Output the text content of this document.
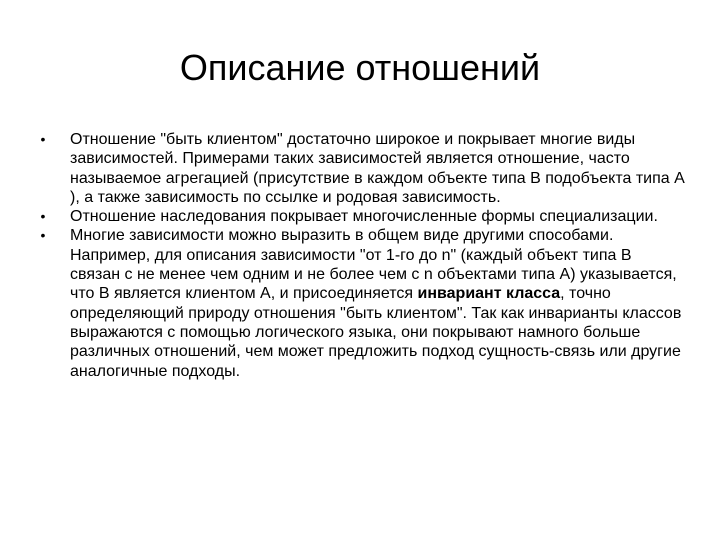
Описание отношений
• Отношение "быть клиентом" достаточно широкое и покрывает многие виды зависимостей. Примерами таких зависимостей является отношение, часто называемое агрегацией (присутствие в каждом объекте типа B подобъекта типа A ), а также зависимость по ссылке и родовая зависимость.
• Отношение наследования покрывает многочисленные формы специализации.
• Многие зависимости можно выразить в общем виде другими способами. Например, для описания зависимости "от 1-го до n" (каждый объект типа B связан с не менее чем одним и не более чем с n объектами типа A) указывается, что B является клиентом A, и присоединяется инвариант класса, точно определяющий природу отношения "быть клиентом". Так как инварианты классов выражаются с помощью логического языка, они покрывают намного больше различных отношений, чем может предложить подход сущность-связь или другие аналогичные подходы.
